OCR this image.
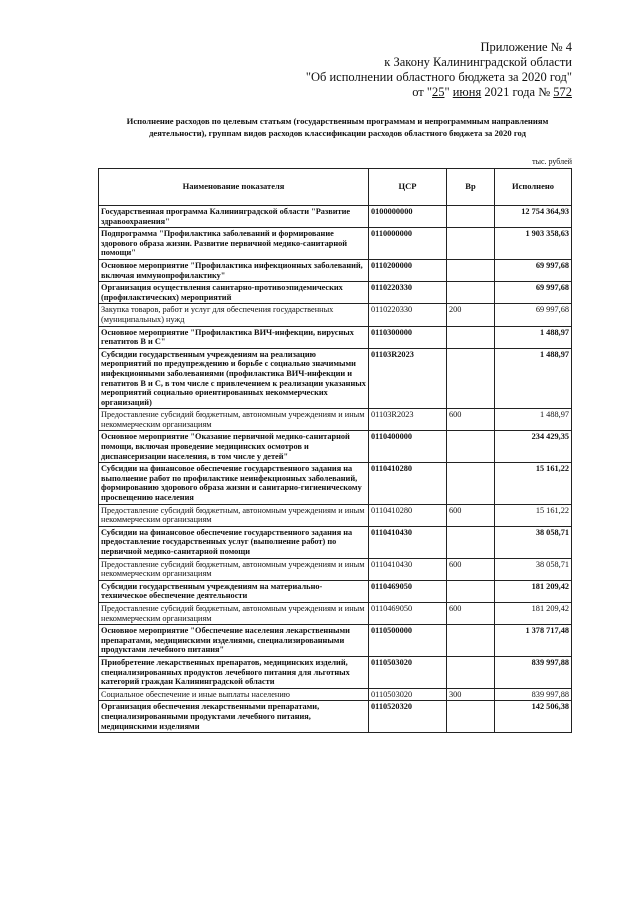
Приложение № 4
к Закону Калининградской области
"Об исполнении областного бюджета за 2020 год"
от "25" июня 2021 года № 572
Исполнение расходов по целевым статьям (государственным программам и непрограммным направлениям деятельности), группам видов расходов классификации расходов областного бюджета за 2020 год
тыс. рублей
Наименование показателя	ЦСР	Вр	Исполнено
Государственная программа Калининградской области "Развитие здравоохранения"	0100000000		12 754 364,93
Подпрограмма "Профилактика заболеваний и формирование здорового образа жизни. Развитие первичной медико-санитарной помощи"	0110000000		1 903 358,63
Основное мероприятие "Профилактика инфекционных заболеваний, включая иммунопрофилактику"	0110200000		69 997,68
Организация осуществления санитарно-противоэпидемических (профилактических) мероприятий	0110220330		69 997,68
Закупка товаров, работ и услуг для обеспечения государственных (муниципальных) нужд	0110220330	200	69 997,68
Основное мероприятие "Профилактика ВИЧ-инфекции, вирусных гепатитов В и С"	0110300000		1 488,97
Субсидии государственным учреждениям на реализацию мероприятий по предупреждению и борьбе с социально значимыми инфекционными заболеваниями (профилактика ВИЧ-инфекции и гепатитов В и С, в том числе с привлечением к реализации указанных мероприятий социально ориентированных некоммерческих организаций)	01103R2023		1 488,97
Предоставление субсидий бюджетным, автономным учреждениям и иным некоммерческим организациям	01103R2023	600	1 488,97
Основное мероприятие "Оказание первичной медико-санитарной помощи, включая проведение медицинских осмотров и диспансеризации населения, в том числе у детей"	0110400000		234 429,35
Субсидии на финансовое обеспечение государственного задания на выполнение работ по профилактике неинфекционных заболеваний, формированию здорового образа жизни и санитарно-гигиеническому просвещению населения	0110410280		15 161,22
Предоставление субсидий бюджетным, автономным учреждениям и иным некоммерческим организациям	0110410280	600	15 161,22
Субсидии на финансовое обеспечение государственного задания на предоставление государственных услуг (выполнение работ) по первичной медико-санитарной помощи	0110410430		38 058,71
Предоставление субсидий бюджетным, автономным учреждениям и иным некоммерческим организациям	0110410430	600	38 058,71
Субсидии государственным учреждениям на материально-техническое обеспечение деятельности	0110469050		181 209,42
Предоставление субсидий бюджетным, автономным учреждениям и иным некоммерческим организациям	0110469050	600	181 209,42
Основное мероприятие "Обеспечение населения лекарственными препаратами, медицинскими изделиями, специализированными продуктами лечебного питания"	0110500000		1 378 717,48
Приобретение лекарственных препаратов, медицинских изделий, специализированных продуктов лечебного питания для льготных категорий граждан Калининградской области	0110503020		839 997,88
Социальное обеспечение и иные выплаты населению	0110503020	300	839 997,88
Организация обеспечения лекарственными препаратами, специализированными продуктами лечебного питания, медицинскими изделиями	0110520320		142 506,38
